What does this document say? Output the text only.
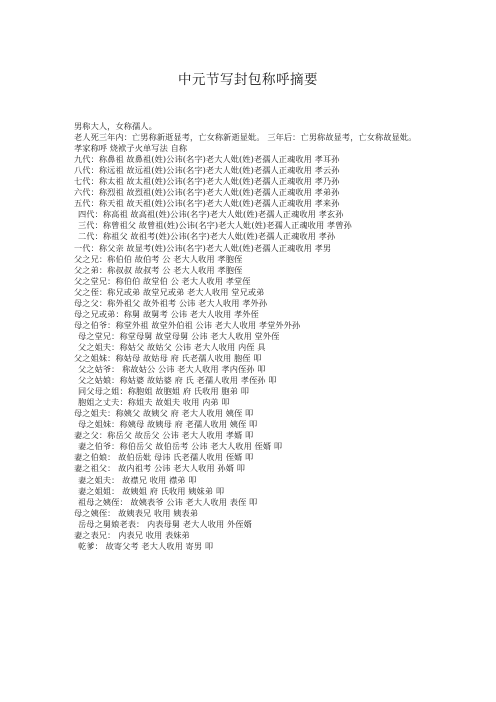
中元节写封包称呼摘要
男称大人，女称孺人。
老人死三年内：亡男称新逝显考，亡女称新逝显妣。 三年后：亡男称故显考，亡女称故显妣。
孝家称呼 烧袱子火单写法 自称
九代：称鼻祖 故鼻祖(姓)公讳(名字)老大人妣(姓)老孺人正魂收用 孝耳孙
八代：称远祖 故远祖(姓)公讳(名字)老大人妣(姓)老孺人正魂收用 孝云孙
七代：称太祖 故太祖(姓)公讳(名字)老大人妣(姓)老孺人正魂收用 孝乃孙
六代：称烈祖 故烈祖(姓)公讳(名字)老大人妣(姓)老孺人正魂收用 孝弟孙
五代：称天祖 故天祖(姓)公讳(名字)老大人妣(姓)老孺人正魂收用 孝来孙
四代：称高祖 故高祖(姓)公讳(名字)老大人妣(姓)老孺人正魂收用 孝玄孙
三代：称曾祖父 故曾祖(姓)公讳(名字)老大人妣(姓)老孺人正魂收用 孝曾孙
二代：称祖父 故祖考(姓)公讳(名字)老大人妣(姓)老孺人正魂收用 孝孙
一代：称父亲 故显考(姓)公讳(名字)老大人妣(姓)老孺人正魂收用 孝男
父之兄：称伯伯 故伯考 公 老大人收用 孝胞侄
父之弟：称叔叔 故叔考 公 老大人收用 孝胞侄
父之堂兄：称伯伯 故堂伯 公 老大人收用 孝堂侄
父之侄：称兄或弟 故堂兄或弟 老大人收用 堂兄或弟
母之父：称外祖父 故外祖考 公讳 老大人收用 孝外孙
母之兄或弟：称舅 故舅考 公讳 老大人收用 孝外侄
母之伯爷：称堂外祖 故堂外伯祖 公讳 老大人收用 孝堂外外孙
母之堂兄：称堂母舅 故堂母舅 公讳 老大人收用 堂外侄
父之姐夫：称姑父 故姑父 公讳 老大人收用 内侄 具
父之姐妹：称姑母 故姑母 府 氏老孺人收用 胞侄 叩
父之姑爷： 称故姑公 公讳 老大人收用 孝内侄孙 叩
父之姑娘：称姑婆 故姑婆 府 氏 老孺人收用 孝侄孙 叩
同父母之姐：称胞姐 故胞姐 府 氏收用 胞弟 叩
胞姐之丈夫：称姐夫 故姐夫 收用 内弟 叩
母之姐夫：称姨父 故姨父 府 老大人收用 姨侄 叩
母之姐妹：称姨母 故姨母 府 老孺人收用 姨侄 叩
妻之父：称岳父 故岳父 公讳 老大人收用 孝婿 叩
妻之伯爷：称伯岳父 故伯岳考 公讳 老大人收用 侄婿 叩
妻之伯娘： 故伯岳妣 母讳 氏老孺人收用 侄婿 叩
妻之祖父： 故内祖考 公讳 老大人收用 孙婿 叩
妻之姐夫： 故襟兄 收用 襟弟 叩
妻之姐姐： 故姨姐 府 氏收用 姨妹弟 叩
祖母之姨侄： 故姨表爷 公讳 老大人收用 表侄 叩
母之姨侄： 故姨表兄 收用 姨表弟
岳母之舅娘老表： 内表母舅 老大人收用 外侄婿
妻之表兄： 内表兄 收用 表妹弟
乾爹： 故寄父考 老大人收用 寄男 叩
